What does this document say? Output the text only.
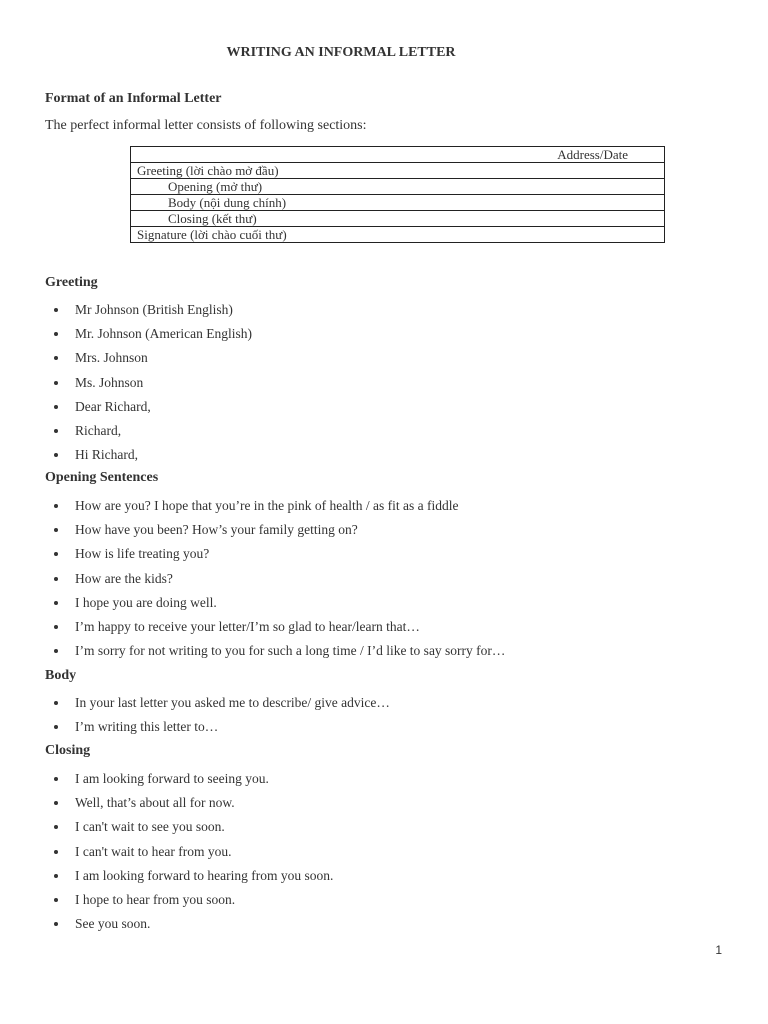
WRITING AN INFORMAL LETTER
Format of an Informal Letter
The perfect informal letter consists of following sections:
Address/Date
Greeting (lời chào mở đầu)
Opening (mở thư)
Body (nội dung chính)
Closing (kết thư)
Signature (lời chào cuối thư)
Greeting
Mr Johnson (British English)
Mr. Johnson (American English)
Mrs. Johnson
Ms. Johnson
Dear Richard,
Richard,
Hi Richard,
Opening Sentences
How are you? I hope that you’re in the pink of health / as fit as a fiddle
How have you been? How’s your family getting on?
How is life treating you?
How are the kids?
I hope you are doing well.
I’m happy to receive your letter/I’m so glad to hear/learn that…
I’m sorry for not writing to you for such a long time / I’d like to say sorry for…
Body
In your last letter you asked me to describe/ give advice…
I’m writing this letter to…
Closing
I am looking forward to seeing you.
Well, that’s about all for now.
I can't wait to see you soon.
I can't wait to hear from you.
I am looking forward to hearing from you soon.
I hope to hear from you soon.
See you soon.
1
